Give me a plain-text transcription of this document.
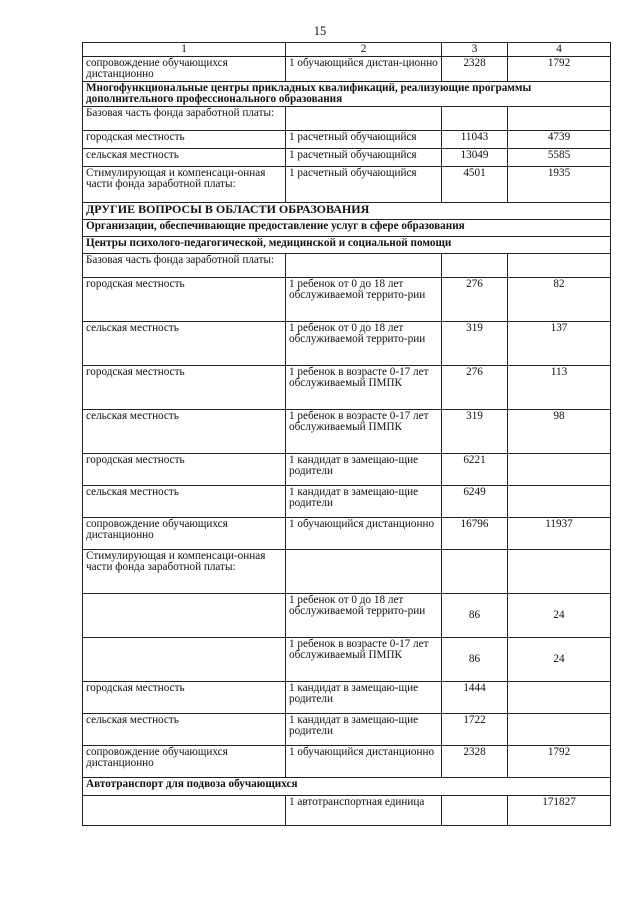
15
1	2	3	4
сопровождение обучающихся дистанционно	1 обучающийся дистан-ционно	2328	1792
Многофункциональные центры прикладных квалификаций, реализующие программы дополнительного профессионального образования			
Базовая часть фонда заработной платы:			
городская местность	1 расчетный обучающийся	11043	4739
сельская местность	1 расчетный обучающийся	13049	5585
Стимулирующая и компенсаци-онная части фонда заработной платы:	1 расчетный обучающийся	4501	1935
ДРУГИЕ ВОПРОСЫ В ОБЛАСТИ ОБРАЗОВАНИЯ			
Организации, обеспечивающие предоставление услуг в сфере образования			
Центры психолого-педагогической, медицинской и социальной помощи			
Базовая часть фонда заработной платы:			
городская местность	1 ребенок от 0 до 18 лет обслуживаемой террито-рии	276	82
сельская местность	1 ребенок от 0 до 18 лет обслуживаемой террито-рии	319	137
городская местность	1 ребенок в возрасте 0-17 лет обслуживаемый ПМПК	276	113
сельская местность	1 ребенок в возрасте 0-17 лет обслуживаемый ПМПК	319	98
городская местность	1 кандидат в замещаю-щие родители	6221	
сельская местность	1 кандидат в замещаю-щие родители	6249	
сопровождение обучающихся дистанционно	1 обучающийся дистанционно	16796	11937
Стимулирующая и компенсаци-онная части фонда заработной платы:			
	1 ребенок от 0 до 18 лет обслуживаемой террито-рии	86	24
	1 ребенок в возрасте 0-17 лет обслуживаемый ПМПК	86	24
городская местность	1 кандидат в замещаю-щие родители	1444	
сельская местность	1 кандидат в замещаю-щие родители	1722	
сопровождение обучающихся дистанционно	1 обучающийся дистанционно	2328	1792
Автотранспорт для подвоза обучающихся			
	1 автотранспортная единица		171827
